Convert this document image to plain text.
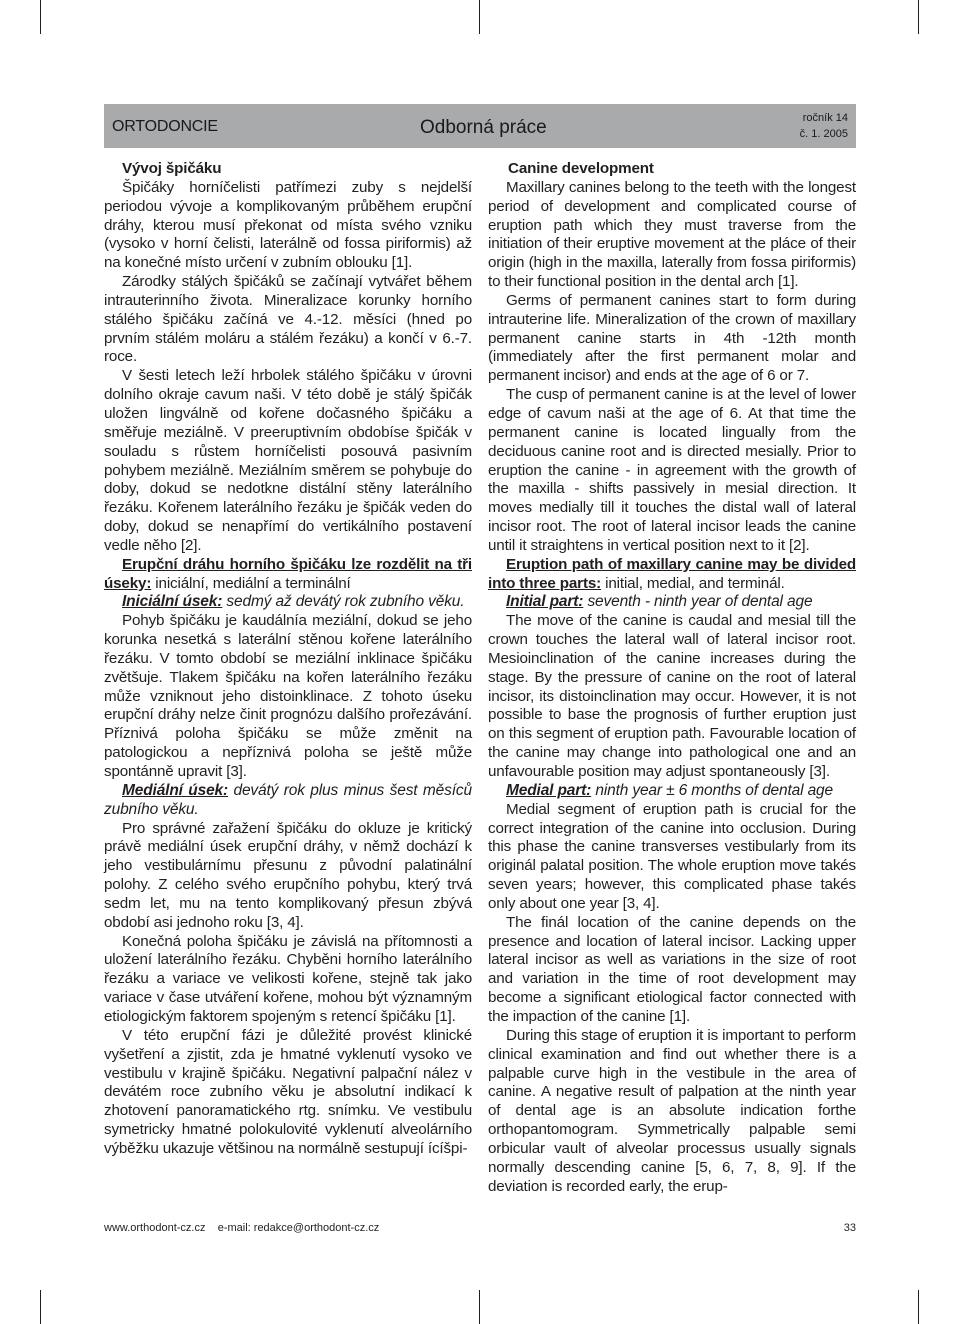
ORTODONCIE	Odborná práce	ročník 14
č. 1. 2005

Vývoj špičáku

Špičáky horníčelisti patřímezi zuby s nejdelší periodou vývoje a komplikovaným průběhem erupční dráhy, kterou musí překonat od místa svého vzniku (vysoko v horní čelisti, laterálně od fossa piriformis) až na konečné místo určení v zubním oblouku [1].

Zárodky stálých špičáků se začínají vytvářet během intrauterinního života. Mineralizace korunky horního stálého špičáku začíná ve 4.-12. měsíci (hned po prvním stálém moláru a stálém řezáku) a končí v 6.-7. roce.

V šesti letech leží hrbolek stálého špičáku v úrovni dolního okraje cavum naši. V této době je stálý špičák uložen lingválně od kořene dočasného špičáku a směřuje meziálně. V preeruptivním obdobíse špičák v souladu s růstem horníčelisti posouvá pasivním pohybem meziálně. Meziálním směrem se pohybuje do doby, dokud se nedotkne distální stěny laterálního řezáku. Kořenem laterálního řezáku je špičák veden do doby, dokud se nenapřímí do vertikálního postavení vedle něho [2].

Erupční dráhu horního špičáku lze rozdělit na tři úseky: iniciální, mediální a terminální

Iniciální úsek: sedmý až devátý rok zubního věku.

Pohyb špičáku je kaudálnía meziální, dokud se jeho korunka nesetká s laterální stěnou kořene laterálního řezáku. V tomto období se meziální inklinace špičáku zvětšuje. Tlakem špičáku na kořen laterálního řezáku může vzniknout jeho distoinklinace. Z tohoto úseku erupční dráhy nelze činit prognózu dalšího prořezávání. Příznivá poloha špičáku se může změnit na patologickou a nepříznivá poloha se ještě může spontánně upravit [3].

Mediální úsek: devátý rok plus minus šest měsíců zubního věku.

Pro správné zařažení špičáku do okluze je kritický právě mediální úsek erupční dráhy, v němž dochází k jeho vestibulárnímu přesunu z původní palatinální polohy. Z celého svého erupčního pohybu, který trvá sedm let, mu na tento komplikovaný přesun zbývá období asi jednoho roku [3, 4].

Konečná poloha špičáku je závislá na přítomnosti a uložení laterálního řezáku. Chyběni horního laterálního řezáku a variace ve velikosti kořene, stejně tak jako variace v čase utváření kořene, mohou být významným etiologickým faktorem spojeným s retencí špičáku [1].

V této erupční fázi je důležité provést klinické vyšetření a zjistit, zda je hmatné vyklenutí vysoko ve vestibulu v krajině špičáku. Negativní palpační nález v devátém roce zubního věku je absolutní indikací k zhotovení panoramatického rtg. snímku. Ve vestibulu symetricky hmatné polokulovité vyklenutí alveolárního výběžku ukazuje většinou na normálně sestupují ícíšpi-

Canine development

Maxillary canines belong to the teeth with the longest period of development and complicated course of eruption path which they must traverse from the initiation of their eruptive movement at the pláce of their origin (high in the maxilla, laterally from fossa piriformis) to their functional position in the dental arch [1].

Germs of permanent canines start to form during intrauterine life. Mineralization of the crown of maxillary permanent canine starts in 4th -12th month (immediately after the first permanent molar and permanent incisor) and ends at the age of 6 or 7.

The cusp of permanent canine is at the level of lower edge of cavum naši at the age of 6. At that time the permanent canine is located lingually from the deciduous canine root and is directed mesially. Prior to eruption the canine - in agreement with the growth of the maxilla - shifts passively in mesial direction. It moves medially till it touches the distal wall of lateral incisor root. The root of lateral incisor leads the canine until it straightens in vertical position next to it [2].

Eruption path of maxillary canine may be divided into three parts: initial, medial, and terminál.

Initial part: seventh - ninth year of dental age

The move of the canine is caudal and mesial till the crown touches the lateral wall of lateral incisor root. Mesioinclination of the canine increases during the stage. By the pressure of canine on the root of lateral incisor, its distoinclination may occur. However, it is not possible to base the prognosis of further eruption just on this segment of eruption path. Favourable location of the canine may change into pathological one and an unfavourable position may adjust spontaneously [3].

Medial part: ninth year ± 6 months of dental age

Medial segment of eruption path is crucial for the correct integration of the canine into occlusion. During this phase the canine transverses vestibularly from its originál palatal position. The whole eruption move takés seven years; however, this complicated phase takés only about one year [3, 4].

The finál location of the canine depends on the presence and location of lateral incisor. Lacking upper lateral incisor as well as variations in the size of root and variation in the time of root development may become a significant etiological factor connected with the impaction of the canine [1].

During this stage of eruption it is important to perform clinical examination and find out whether there is a palpable curve high in the vestibule in the area of canine. A negative result of palpation at the ninth year of dental age is an absolute indication forthe orthopantomogram. Symmetrically palpable semi orbicular vault of alveolar processus usually signals normally descending canine [5, 6, 7, 8, 9]. If the deviation is recorded early, the erup-

www.orthodont-cz.cz e-mail: redakce@orthodont-cz.cz	33
